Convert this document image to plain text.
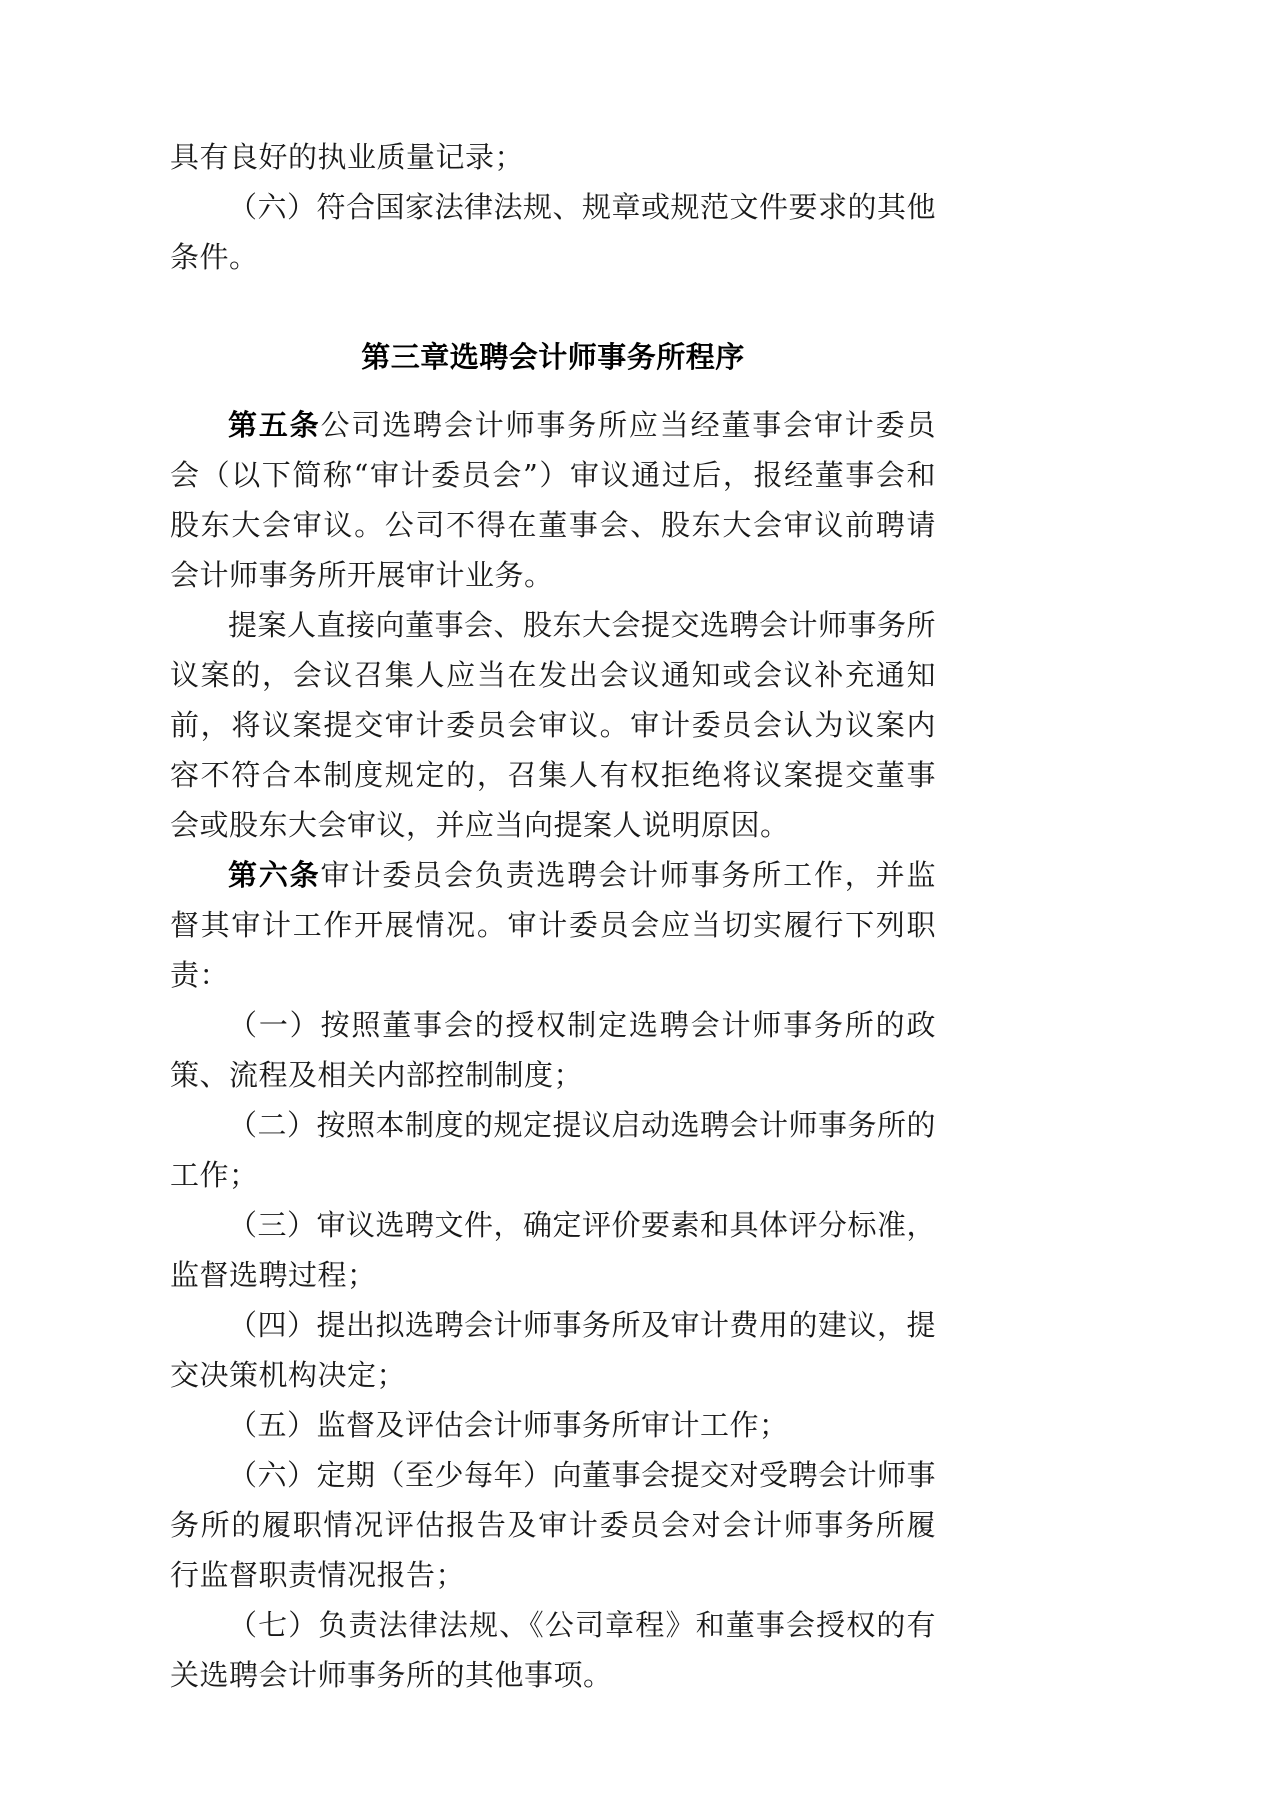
具有良好的执业质量记录；

（六）符合国家法律法规、规章或规范文件要求的其他条件。

第三章选聘会计师事务所程序

第五条公司选聘会计师事务所应当经董事会审计委员会（以下简称“审计委员会”）审议通过后，报经董事会和股东大会审议。公司不得在董事会、股东大会审议前聘请会计师事务所开展审计业务。

提案人直接向董事会、股东大会提交选聘会计师事务所议案的，会议召集人应当在发出会议通知或会议补充通知前，将议案提交审计委员会审议。审计委员会认为议案内容不符合本制度规定的，召集人有权拒绝将议案提交董事会或股东大会审议，并应当向提案人说明原因。

第六条审计委员会负责选聘会计师事务所工作，并监督其审计工作开展情况。审计委员会应当切实履行下列职责：

（一）按照董事会的授权制定选聘会计师事务所的政策、流程及相关内部控制制度；

（二）按照本制度的规定提议启动选聘会计师事务所的工作；

（三）审议选聘文件，确定评价要素和具体评分标准，监督选聘过程；

（四）提出拟选聘会计师事务所及审计费用的建议，提交决策机构决定；

（五）监督及评估会计师事务所审计工作；

（六）定期（至少每年）向董事会提交对受聘会计师事务所的履职情况评估报告及审计委员会对会计师事务所履行监督职责情况报告；

（七）负责法律法规、《公司章程》和董事会授权的有关选聘会计师事务所的其他事项。
